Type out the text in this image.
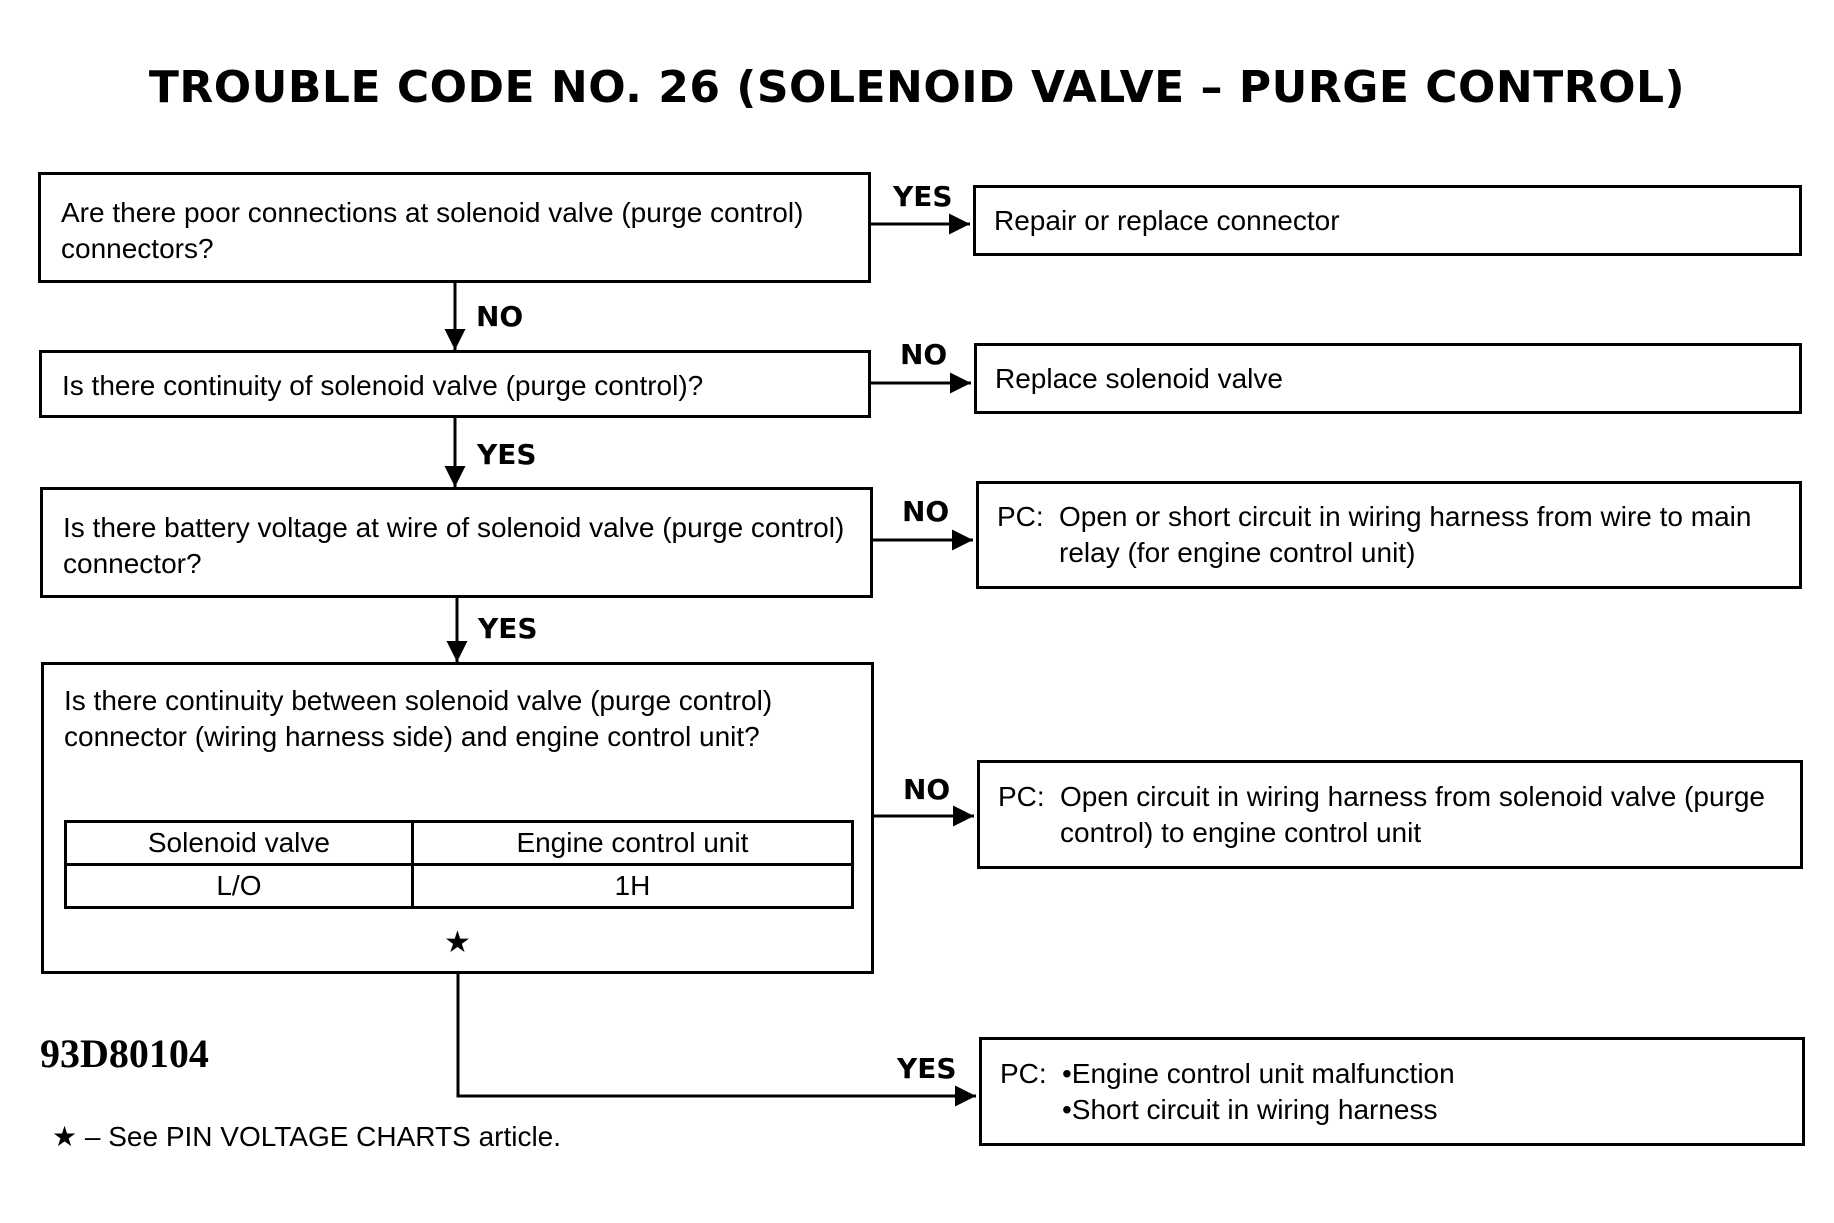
TROUBLE CODE NO. 26 (SOLENOID VALVE – PURGE CONTROL)
Are there poor connections at solenoid valve (purge control) connectors?
Is there continuity of solenoid valve (purge control)?
Is there battery voltage at wire of solenoid valve (purge control) connector?
Is there continuity between solenoid valve (purge control) connector (wiring harness side) and engine control unit?
Solenoid valve	Engine control unit
L/O	1H
★
Repair or replace connector
Replace solenoid valve
PC: Open or short circuit in wiring harness from wire to main relay (for engine control unit)
PC: Open circuit in wiring harness from solenoid valve (purge control) to engine control unit
PC: •Engine control unit malfunction
•Short circuit in wiring harness
YES
NO
NO
YES
NO
YES
NO
YES
93D80104
★ – See PIN VOLTAGE CHARTS article.
